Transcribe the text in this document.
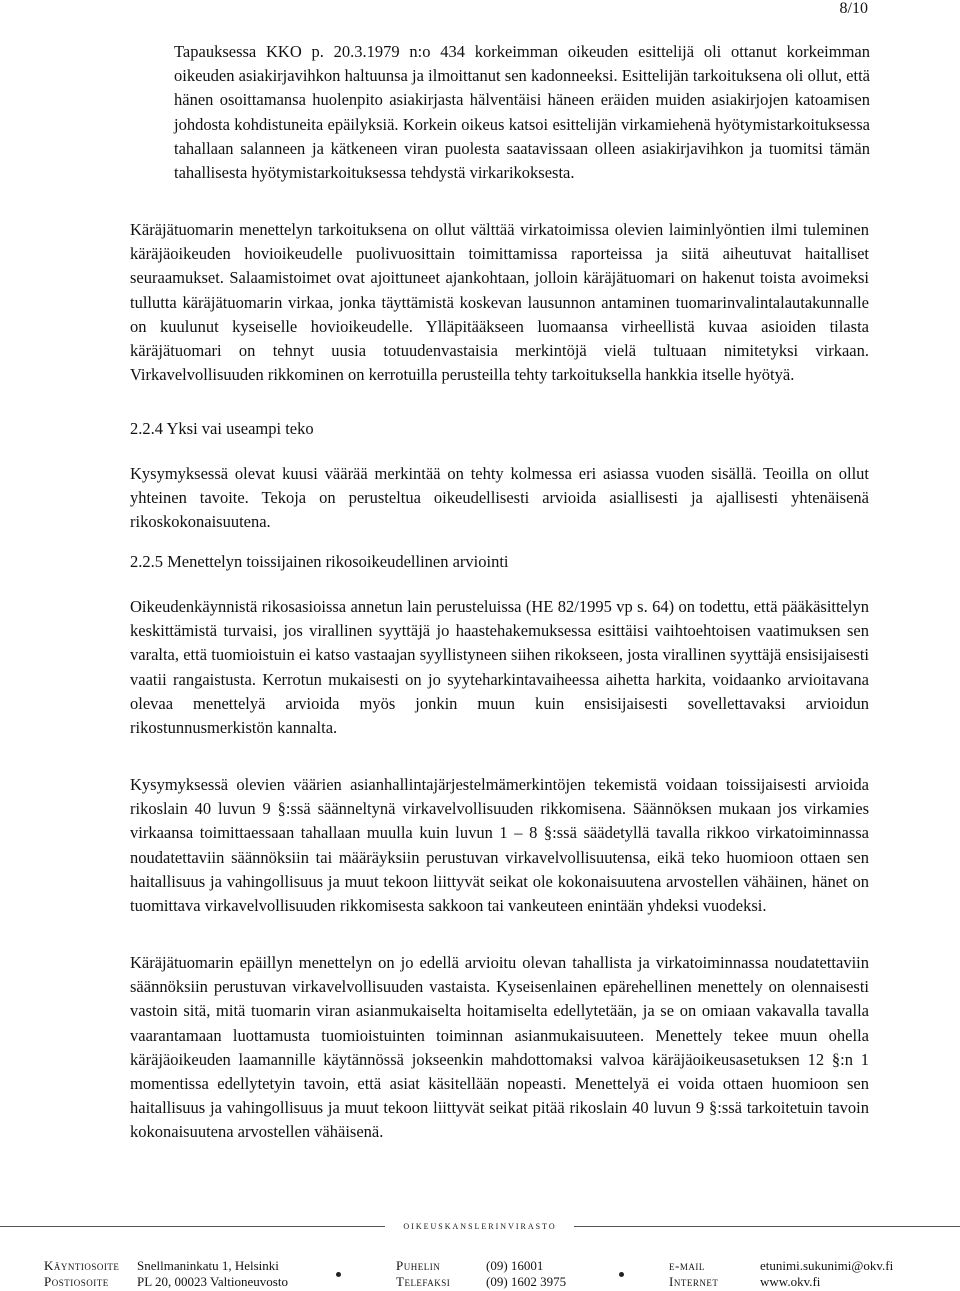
8/10
Tapauksessa KKO p. 20.3.1979 n:o 434 korkeimman oikeuden esittelijä oli ottanut korkeimman oikeuden asiakirjavihkon haltuunsa ja ilmoittanut sen kadonneeksi. Esittelijän tarkoituksena oli ollut, että hänen osoittamansa huolenpito asiakirjasta hälventäisi häneen eräiden muiden asiakirjojen katoamisen johdosta kohdistuneita epäilyksiä. Korkein oikeus katsoi esittelijän virkamiehenä hyötymistarkoituksessa tahallaan salanneen ja kätkeneen viran puolesta saatavissaan olleen asiakirjavihkon ja tuomitsi tämän tahallisesta hyötymistarkoituksessa tehdystä virkarikoksesta.

Käräjätuomarin menettelyn tarkoituksena on ollut välttää virkatoimissa olevien laiminlyöntien ilmi tuleminen käräjäoikeuden hovioikeudelle puolivuosittain toimittamissa raporteissa ja siitä aiheutuvat haitalliset seuraamukset. Salaamistoimet ovat ajoittuneet ajankohtaan, jolloin käräjätuomari on hakenut toista avoimeksi tullutta käräjätuomarin virkaa, jonka täyttämistä koskevan lausunnon antaminen tuomarinvalintalautakunnalle on kuulunut kyseiselle hovioikeudelle. Ylläpitääkseen luomaansa virheellistä kuvaa asioiden tilasta käräjätuomari on tehnyt uusia totuudenvastaisia merkintöjä vielä tultuaan nimitetyksi virkaan. Virkavelvollisuuden rikkominen on kerrotuilla perusteilla tehty tarkoituksella hankkia itselle hyötyä.

2.2.4 Yksi vai useampi teko

Kysymyksessä olevat kuusi väärää merkintää on tehty kolmessa eri asiassa vuoden sisällä. Teoilla on ollut yhteinen tavoite. Tekoja on perusteltua oikeudellisesti arvioida asiallisesti ja ajallisesti yhtenäisenä rikoskokonaisuutena.

2.2.5 Menettelyn toissijainen rikosoikeudellinen arviointi

Oikeudenkäynnistä rikosasioissa annetun lain perusteluissa (HE 82/1995 vp s. 64) on todettu, että pääkäsittelyn keskittämistä turvaisi, jos virallinen syyttäjä jo haastehakemuksessa esittäisi vaihtoehtoisen vaatimuksen sen varalta, että tuomioistuin ei katso vastaajan syyllistyneen siihen rikokseen, josta virallinen syyttäjä ensisijaisesti vaatii rangaistusta. Kerrotun mukaisesti on jo syyteharkintavaiheessa aihetta harkita, voidaanko arvioitavana olevaa menettelyä arvioida myös jonkin muun kuin ensisijaisesti sovellettavaksi arvioidun rikostunnusmerkistön kannalta.

Kysymyksessä olevien väärien asianhallintajärjestelmämerkintöjen tekemistä voidaan toissijaisesti arvioida rikoslain 40 luvun 9 §:ssä säänneltynä virkavelvollisuuden rikkomisena. Säännöksen mukaan jos virkamies virkaansa toimittaessaan tahallaan muulla kuin luvun 1 – 8 §:ssä säädetyllä tavalla rikkoo virkatoiminnassa noudatettaviin säännöksiin tai määräyksiin perustuvan virkavelvollisuutensa, eikä teko huomioon ottaen sen haitallisuus ja vahingollisuus ja muut tekoon liittyvät seikat ole kokonaisuutena arvostellen vähäinen, hänet on tuomittava virkavelvollisuuden rikkomisesta sakkoon tai vankeuteen enintään yhdeksi vuodeksi.

Käräjätuomarin epäillyn menettelyn on jo edellä arvioitu olevan tahallista ja virkatoiminnassa noudatettaviin säännöksiin perustuvan virkavelvollisuuden vastaista. Kyseisenlainen epärehellinen menettely on olennaisesti vastoin sitä, mitä tuomarin viran asianmukaiselta hoitamiselta edellytetään, ja se on omiaan vakavalla tavalla vaarantamaan luottamusta tuomioistuinten toiminnan asianmukaisuuteen. Menettely tekee muun ohella käräjäoikeuden laamannille käytännössä jokseenkin mahdottomaksi valvoa käräjäoikeusasetuksen 12 §:n 1 momentissa edellytetyin tavoin, että asiat käsitellään nopeasti. Menettelyä ei voida ottaen huomioon sen haitallisuus ja vahingollisuus ja muut tekoon liittyvät seikat pitää rikoslain 40 luvun 9 §:ssä tarkoitetuin tavoin kokonaisuutena arvostellen vähäisenä.

oikeuskanslerinvirasto
Käyntiosoite
Postiosoite
Snellmaninkatu 1, Helsinki
PL 20, 00023 Valtioneuvosto
Puhelin
Telefaksi
(09) 16001
(09) 1602 3975
e-mail
Internet
etunimi.sukunimi@okv.fi
www.okv.fi
